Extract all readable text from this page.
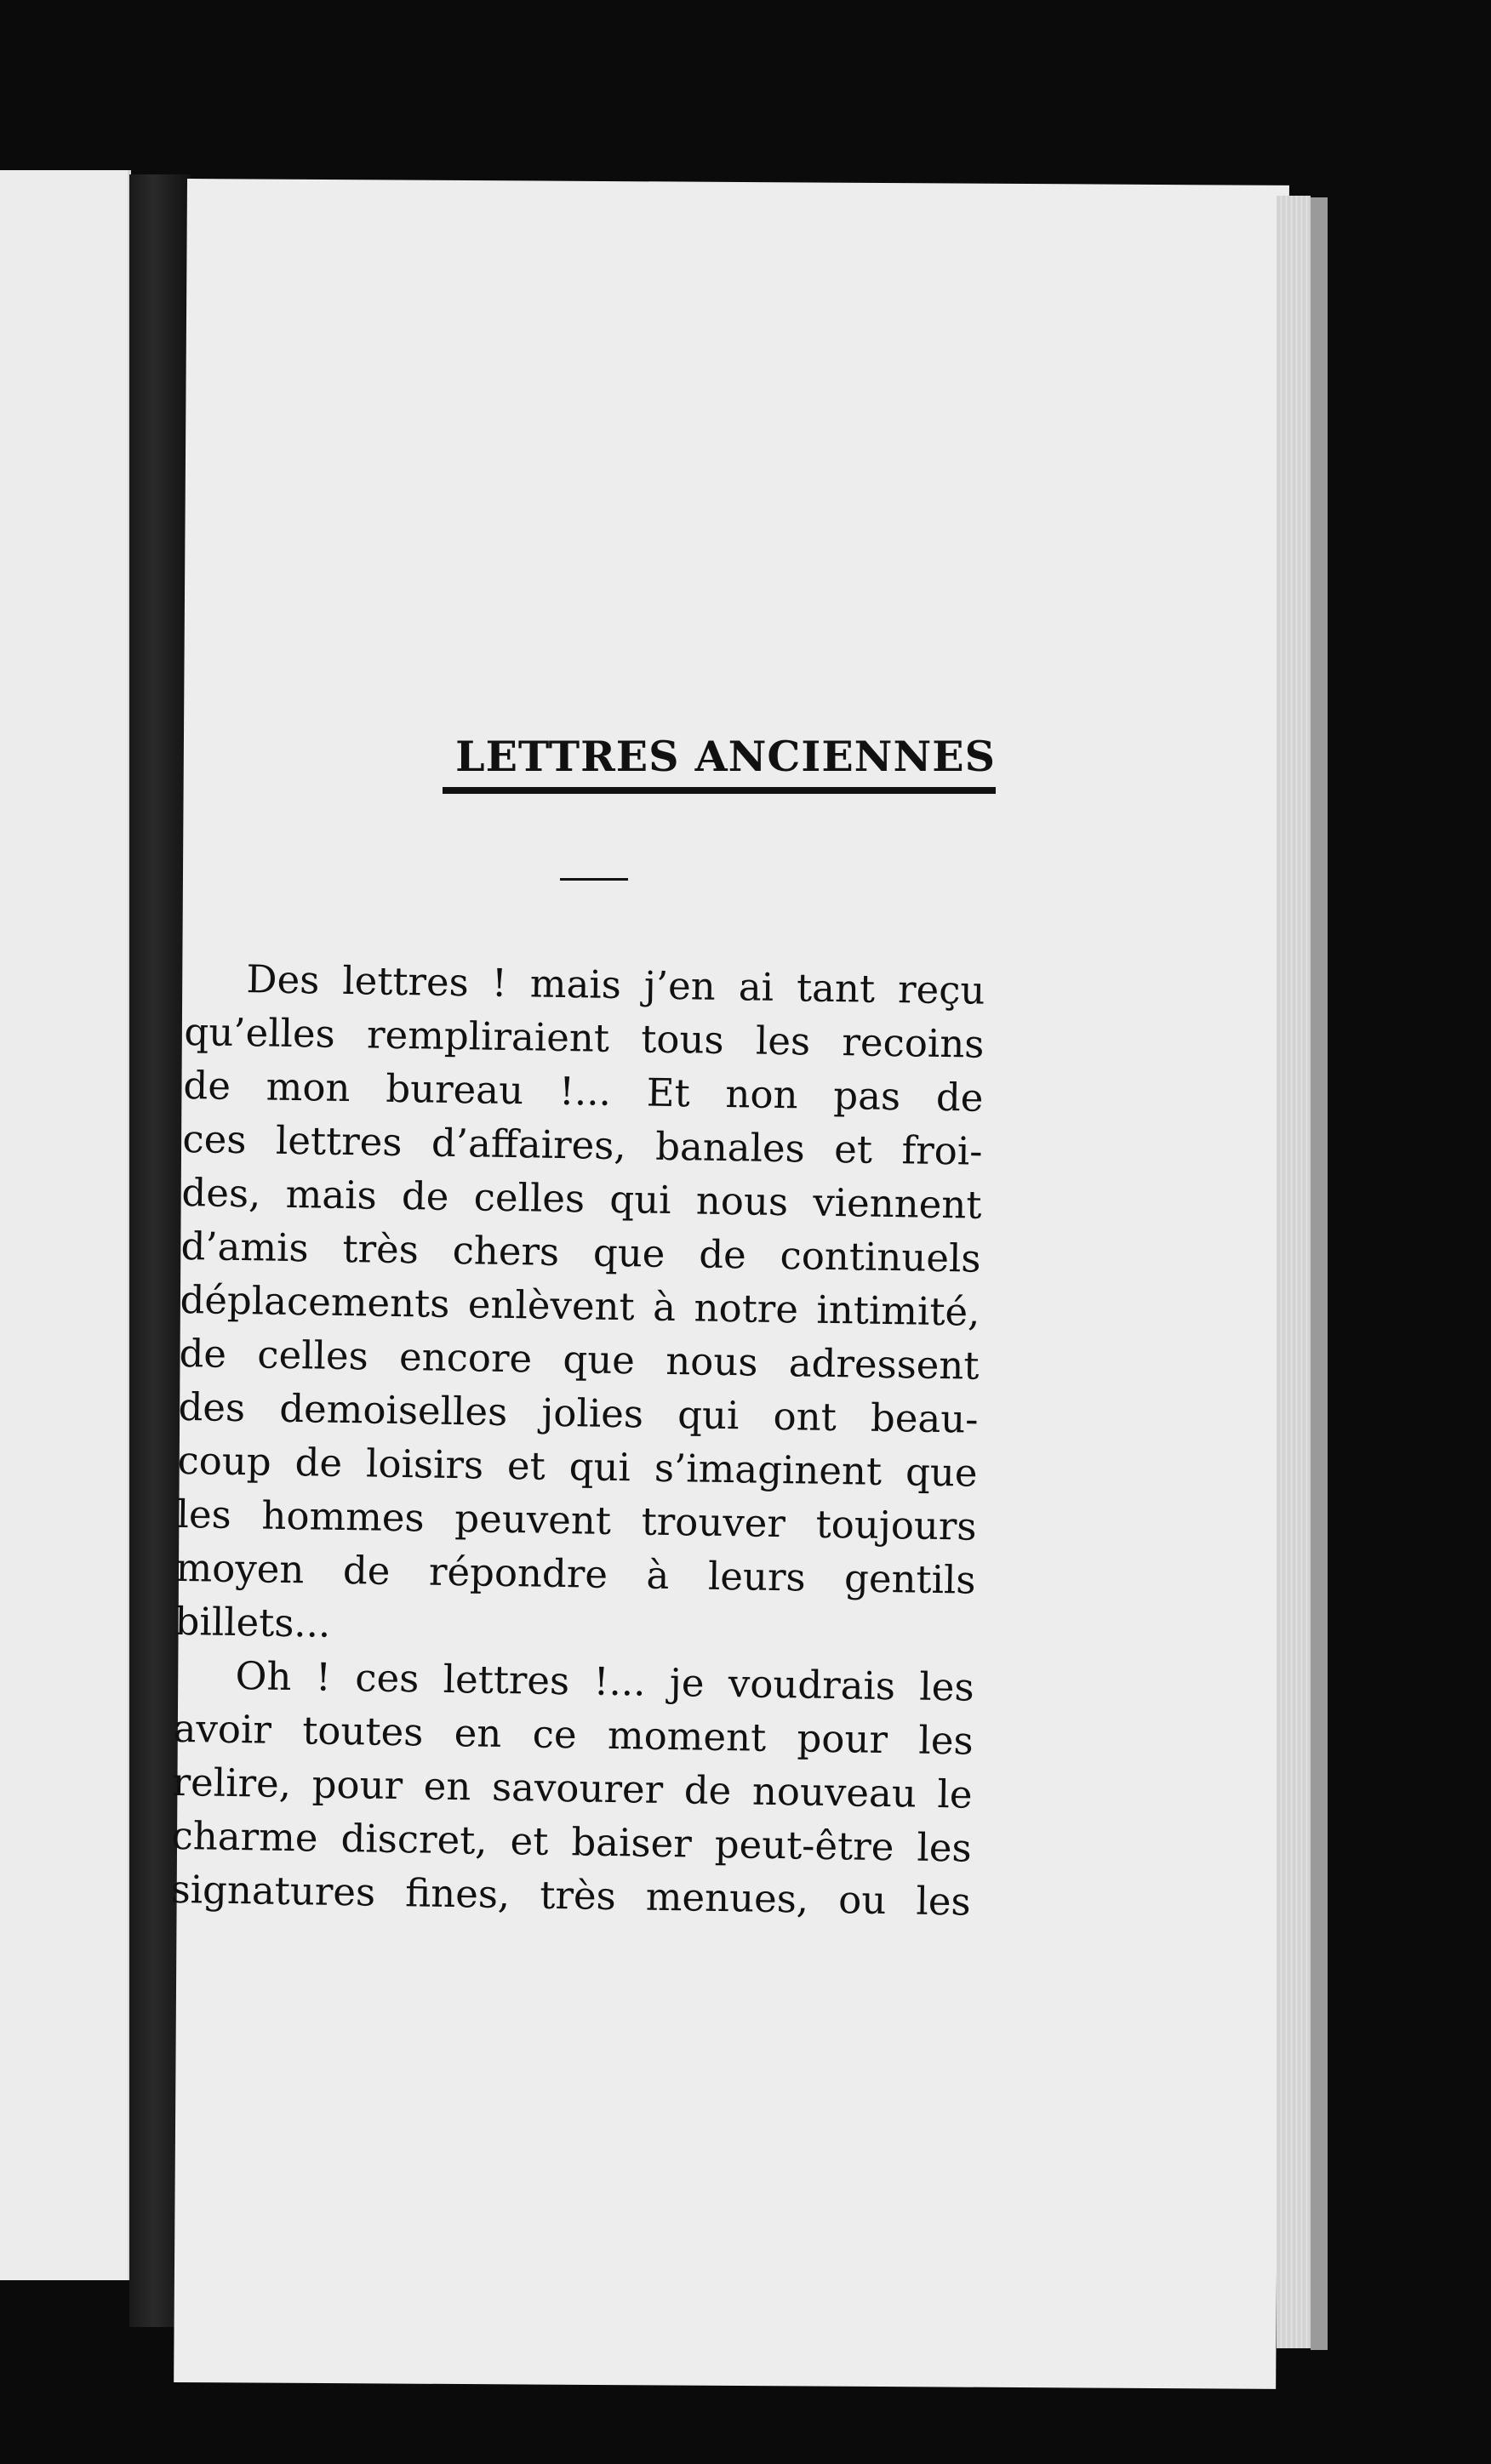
LETTRES ANCIENNES
Des lettres ! mais j’en ai tant reçu
qu’elles rempliraient tous les recoins
de mon bureau !... Et non pas de
ces lettres d’affaires, banales et froi-
des, mais de celles qui nous viennent
d’amis très chers que de continuels
déplacements enlèvent à notre intimité,
de celles encore que nous adressent
des demoiselles jolies qui ont beau-
coup de loisirs et qui s’imaginent que
les hommes peuvent trouver toujours
moyen de répondre à leurs gentils
billets...
Oh ! ces lettres !... je voudrais les
avoir toutes en ce moment pour les
relire, pour en savourer de nouveau le
charme discret, et baiser peut-être les
signatures fines, très menues, ou les
